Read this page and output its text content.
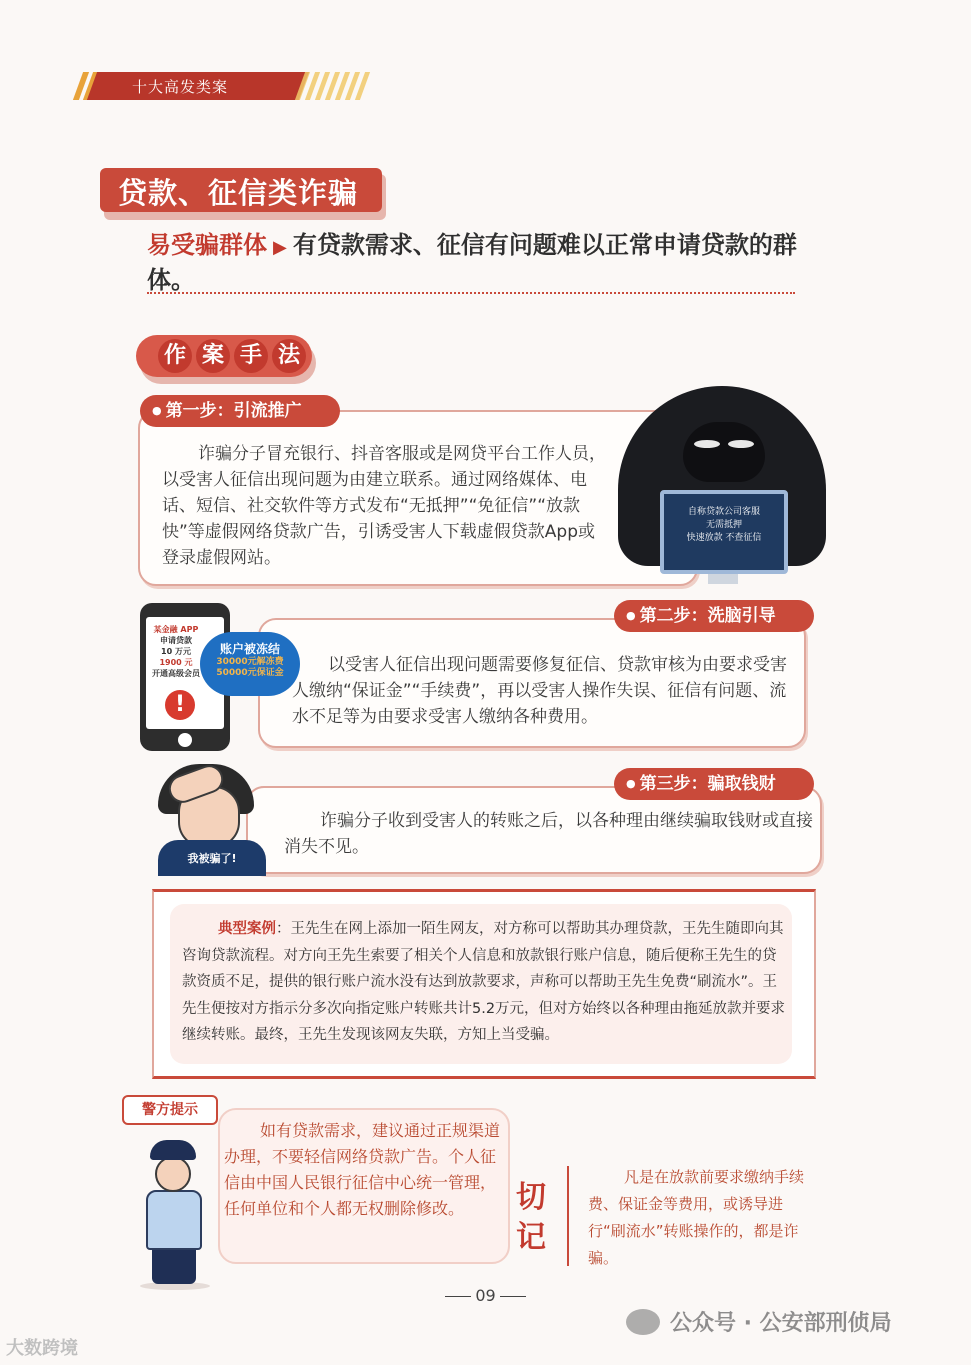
十大高发类案
贷款、征信类诈骗
易受骗群体 ▶ 有贷款需求、征信有问题难以正常申请贷款的群体。
作 案 手 法
● 第一步：引流推广
诈骗分子冒充银行、抖音客服或是网贷平台工作人员，以受害人征信出现问题为由建立联系。通过网络媒体、电话、短信、社交软件等方式发布“无抵押”“免征信”“放款快”等虚假网络贷款广告，引诱受害人下载虚假贷款App或登录虚假网站。
自称贷款公司客服
无需抵押
快速放款 不查征信
● 第二步：洗脑引导
以受害人征信出现问题需要修复征信、贷款审核为由要求受害人缴纳“保证金”“手续费”，再以受害人操作失误、征信有问题、流水不足等为由要求受害人缴纳各种费用。
某金融 APP
申请贷款
10 万元
1900 元
开通高级会员
!
账户被冻结
30000元解冻费
50000元保证金
● 第三步：骗取钱财
诈骗分子收到受害人的转账之后，以各种理由继续骗取钱财或直接消失不见。
我被骗了!
典型案例：王先生在网上添加一陌生网友，对方称可以帮助其办理贷款，王先生随即向其咨询贷款流程。对方向王先生索要了相关个人信息和放款银行账户信息，随后便称王先生的贷款资质不足，提供的银行账户流水没有达到放款要求，声称可以帮助王先生免费“刷流水”。王先生便按对方指示分多次向指定账户转账共计5.2万元，但对方始终以各种理由拖延放款并要求继续转账。最终，王先生发现该网友失联，方知上当受骗。
警方提示
如有贷款需求，建议通过正规渠道办理，不要轻信网络贷款广告。个人征信由中国人民银行征信中心统一管理，任何单位和个人都无权删除修改。	切记
凡是在放款前要求缴纳手续费、保证金等费用，或诱导进行“刷流水”转账操作的，都是诈骗。
09
公众号 · 公安部刑侦局
大数跨境
